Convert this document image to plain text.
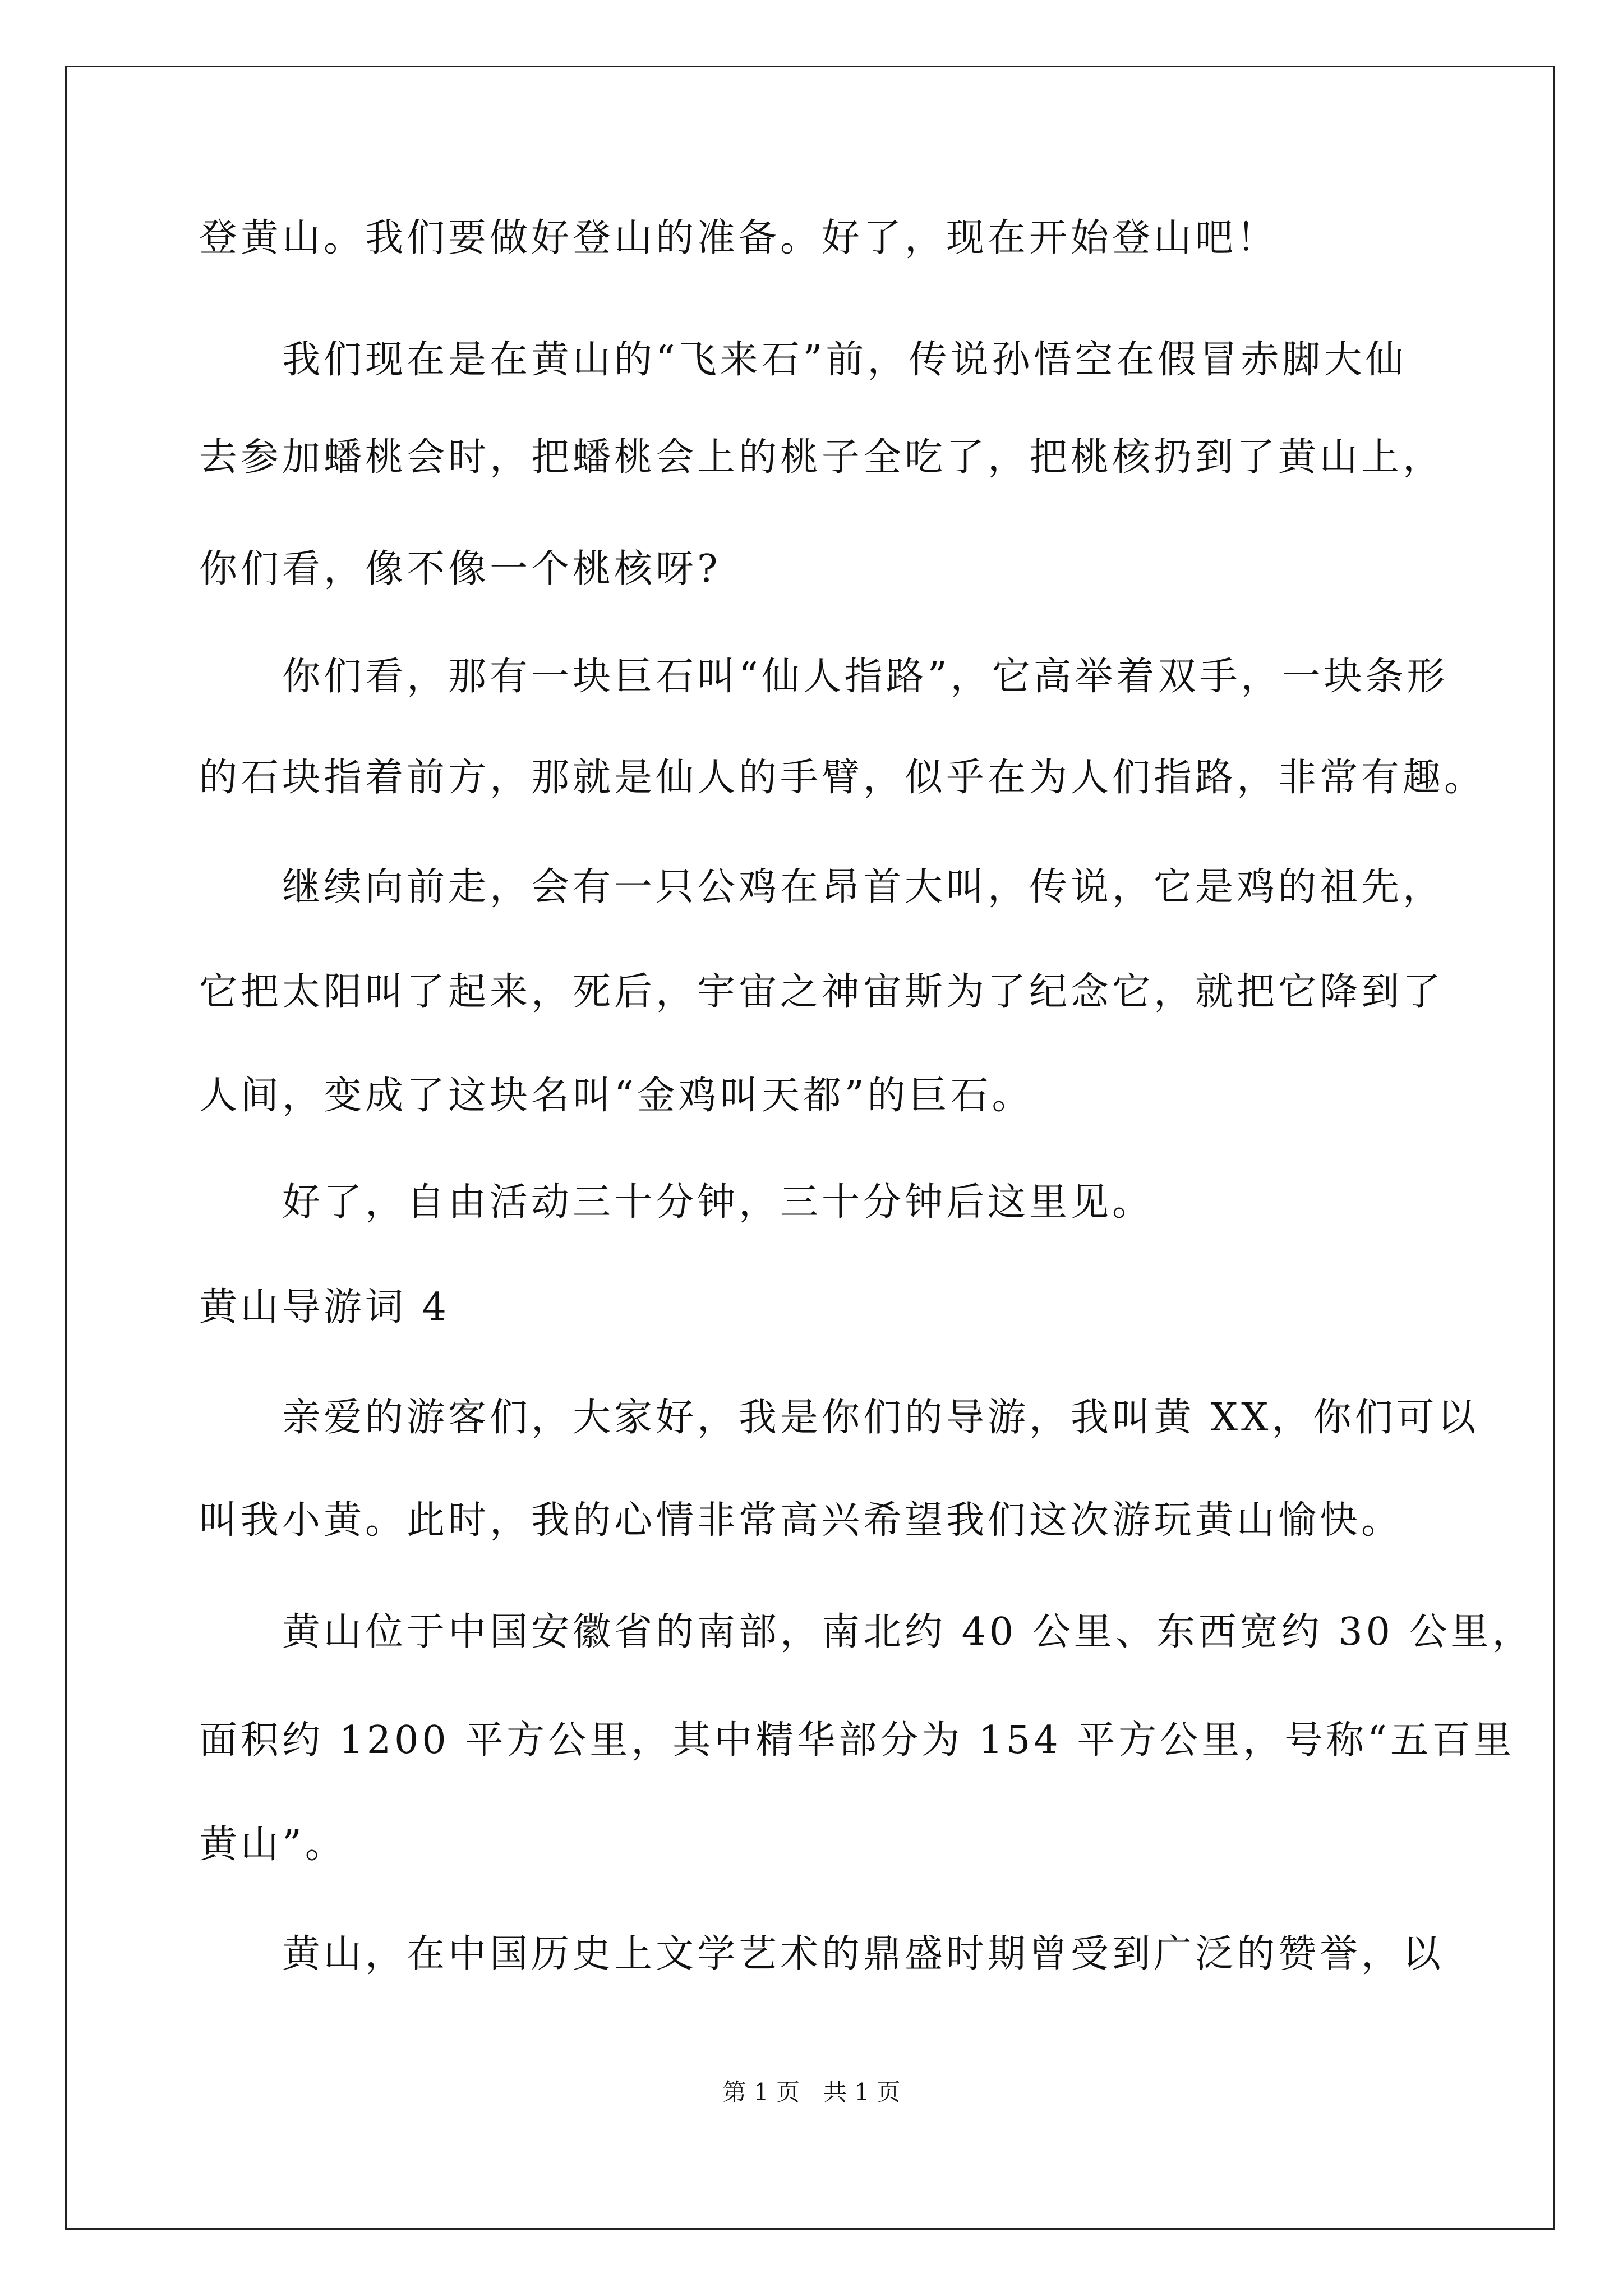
登黄山。我们要做好登山的准备。好了，现在开始登山吧！
我们现在是在黄山的“飞来石”前，传说孙悟空在假冒赤脚大仙
去参加蟠桃会时，把蟠桃会上的桃子全吃了，把桃核扔到了黄山上，
你们看，像不像一个桃核呀?
你们看，那有一块巨石叫“仙人指路”，它高举着双手，一块条形
的石块指着前方，那就是仙人的手臂，似乎在为人们指路，非常有趣。
继续向前走，会有一只公鸡在昂首大叫，传说，它是鸡的祖先，
它把太阳叫了起来，死后，宇宙之神宙斯为了纪念它，就把它降到了
人间，变成了这块名叫“金鸡叫天都”的巨石。
好了，自由活动三十分钟，三十分钟后这里见。
黄山导游词 4
亲爱的游客们，大家好，我是你们的导游，我叫黄 XX，你们可以
叫我小黄。此时，我的心情非常高兴希望我们这次游玩黄山愉快。
黄山位于中国安徽省的南部，南北约 40 公里、东西宽约 30 公里，
面积约 1200 平方公里，其中精华部分为 154 平方公里，号称“五百里
黄山”。
黄山，在中国历史上文学艺术的鼎盛时期曾受到广泛的赞誉，以
第 1 页　共 1 页
